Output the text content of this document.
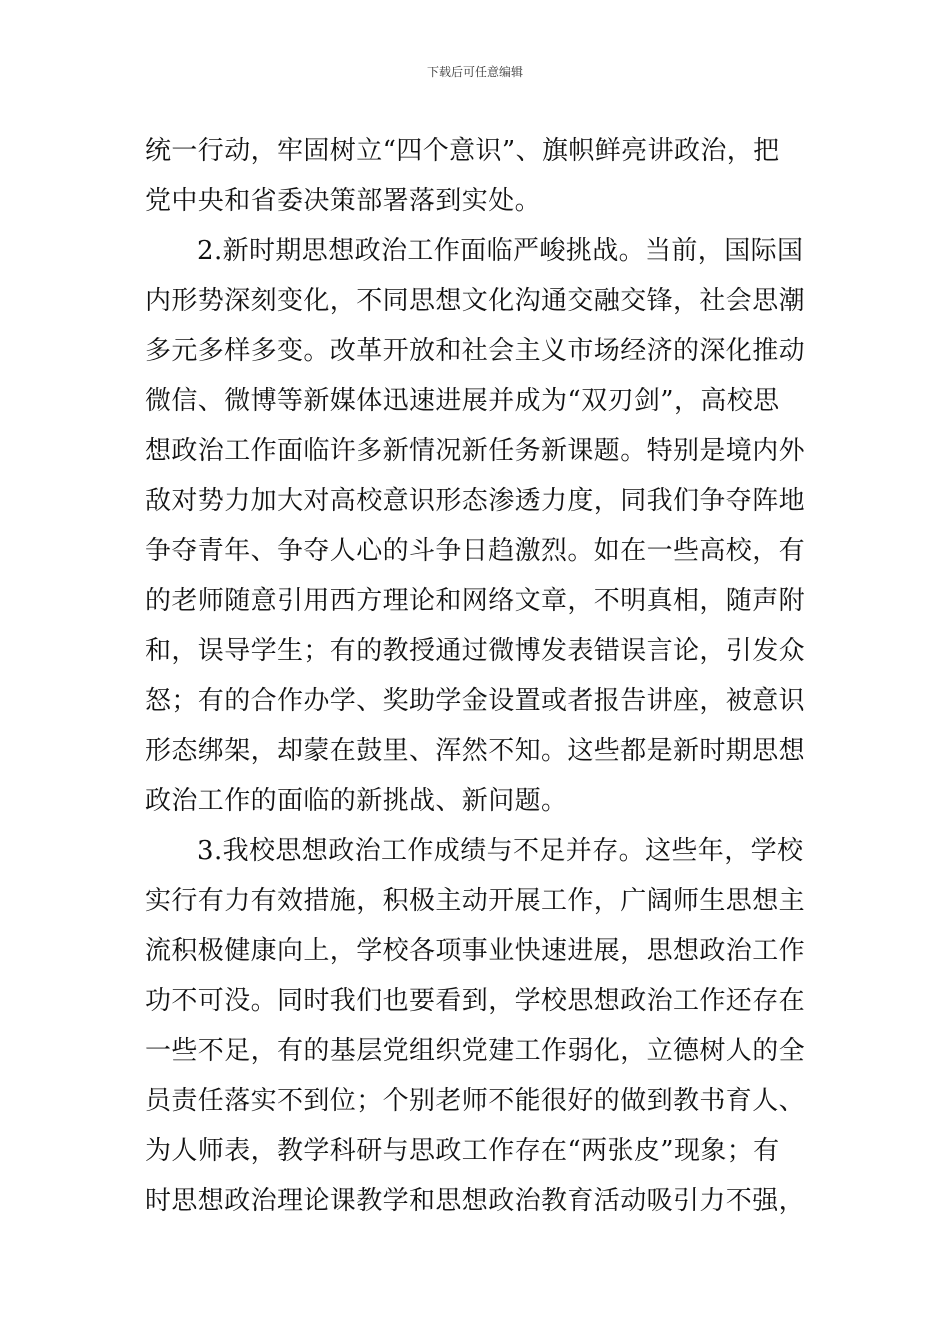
下载后可任意编辑
统一行动，牢固树立“四个意识”、旗帜鲜亮讲政治，把
党中央和省委决策部署落到实处。
2.新时期思想政治工作面临严峻挑战。当前，国际国
内形势深刻变化，不同思想文化沟通交融交锋，社会思潮
多元多样多变。改革开放和社会主义市场经济的深化推动
微信、微博等新媒体迅速进展并成为“双刃剑”，高校思
想政治工作面临许多新情况新任务新课题。特别是境内外
敌对势力加大对高校意识形态渗透力度，同我们争夺阵地
争夺青年、争夺人心的斗争日趋激烈。如在一些高校，有
的老师随意引用西方理论和网络文章，不明真相，随声附
和，误导学生；有的教授通过微博发表错误言论，引发众
怒；有的合作办学、奖助学金设置或者报告讲座，被意识
形态绑架，却蒙在鼓里、浑然不知。这些都是新时期思想
政治工作的面临的新挑战、新问题。
3.我校思想政治工作成绩与不足并存。这些年，学校
实行有力有效措施，积极主动开展工作，广阔师生思想主
流积极健康向上，学校各项事业快速进展，思想政治工作
功不可没。同时我们也要看到，学校思想政治工作还存在
一些不足，有的基层党组织党建工作弱化，立德树人的全
员责任落实不到位；个别老师不能很好的做到教书育人、
为人师表，教学科研与思政工作存在“两张皮”现象；有
时思想政治理论课教学和思想政治教育活动吸引力不强，
